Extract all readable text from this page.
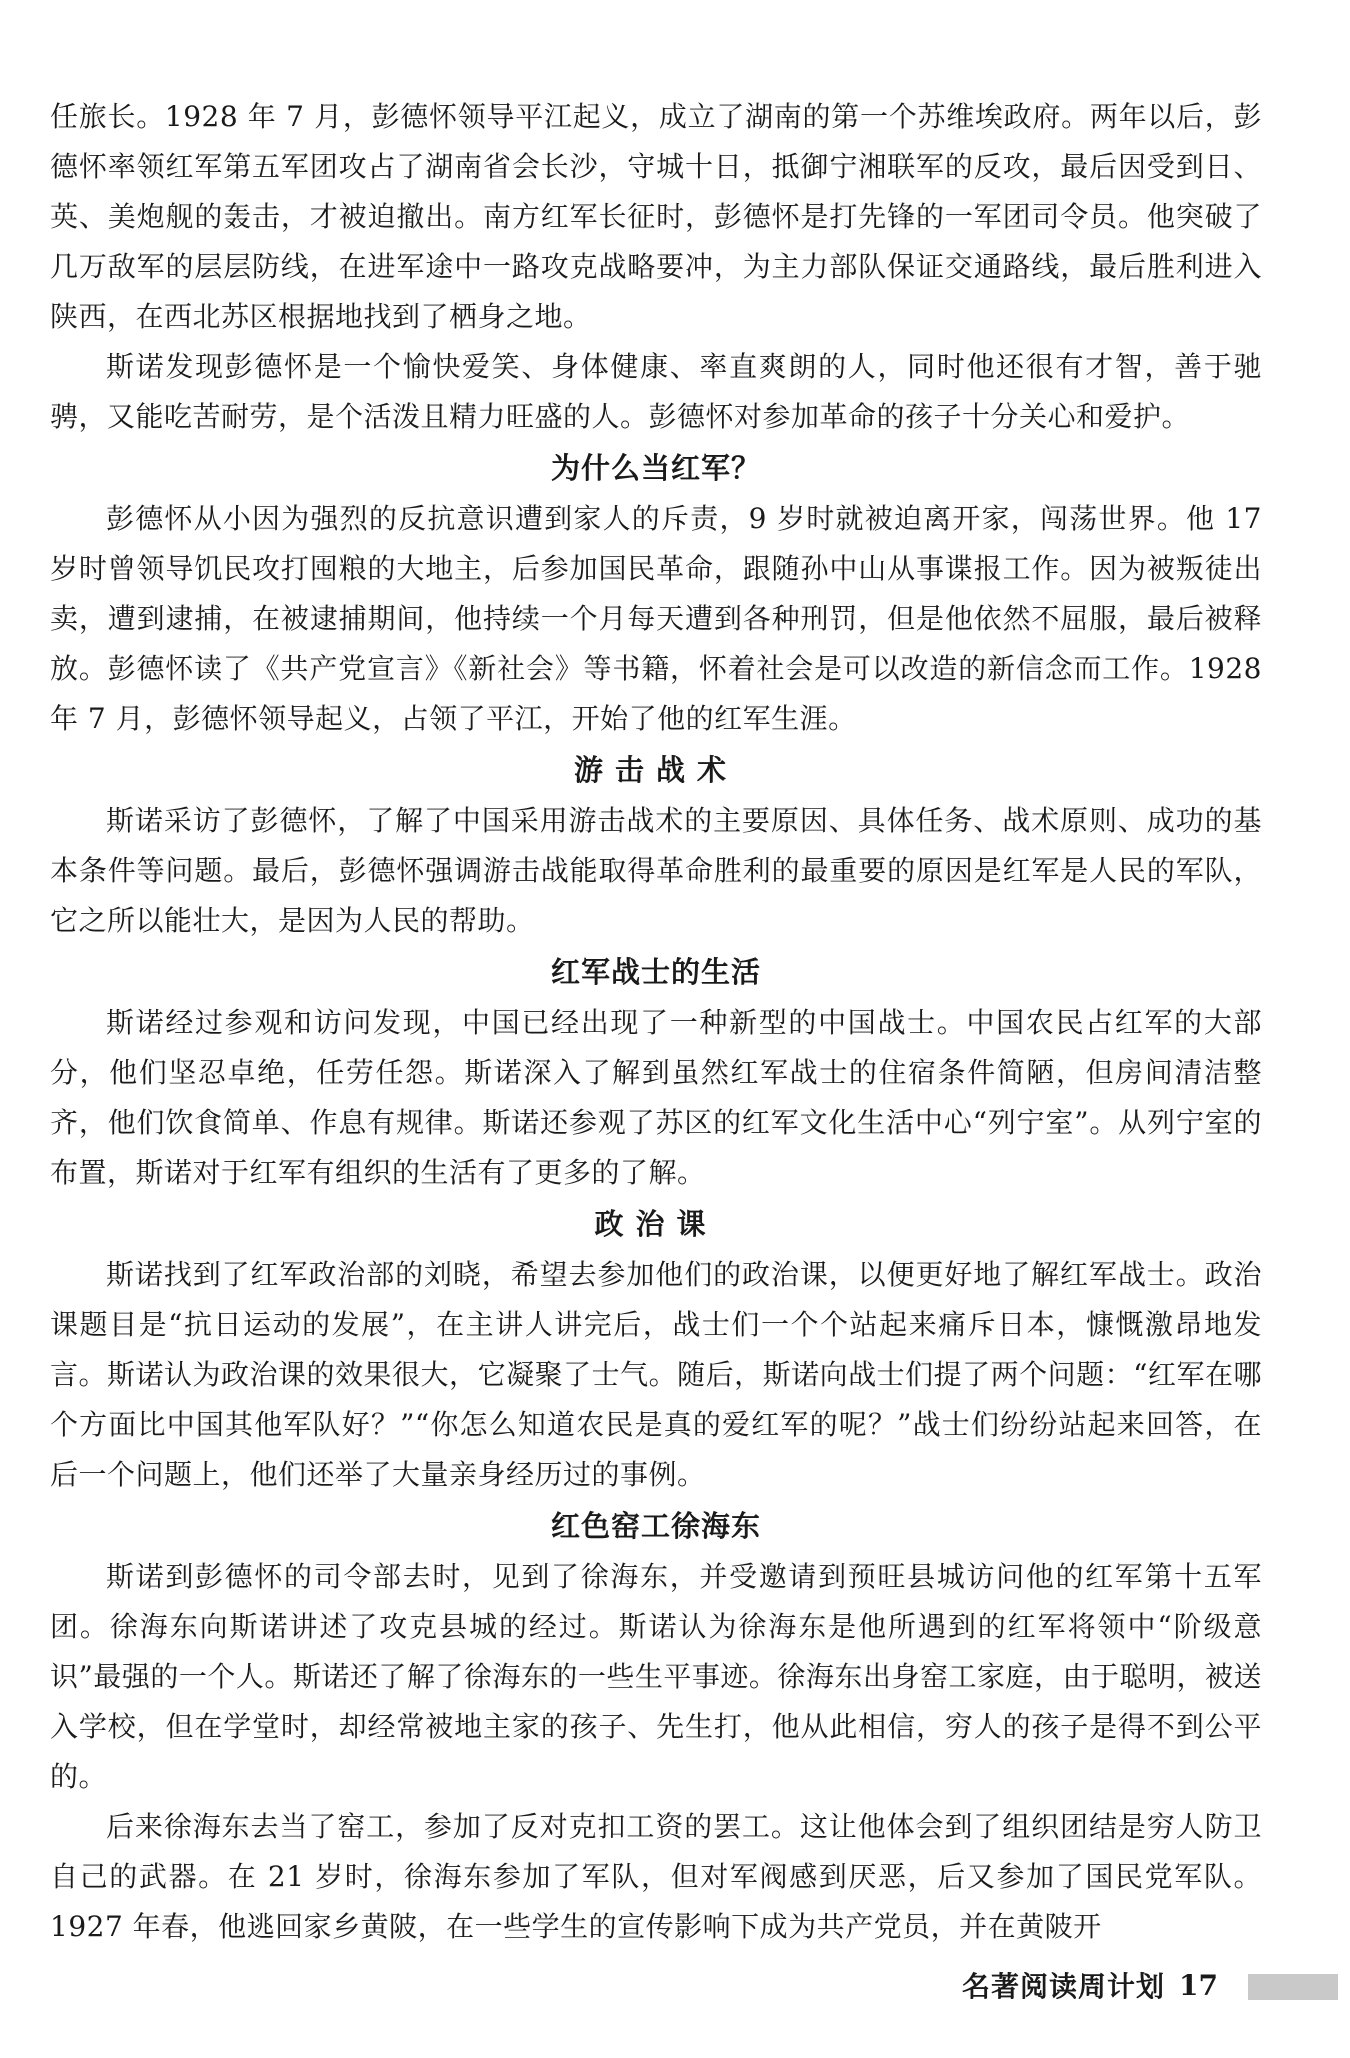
任旅长。1928 年 7 月，彭德怀领导平江起义，成立了湖南的第一个苏维埃政府。两年以后，彭德怀率领红军第五军团攻占了湖南省会长沙，守城十日，抵御宁湘联军的反攻，最后因受到日、英、美炮舰的轰击，才被迫撤出。南方红军长征时，彭德怀是打先锋的一军团司令员。他突破了几万敌军的层层防线，在进军途中一路攻克战略要冲，为主力部队保证交通路线，最后胜利进入陕西，在西北苏区根据地找到了栖身之地。

斯诺发现彭德怀是一个愉快爱笑、身体健康、率直爽朗的人，同时他还很有才智，善于驰骋，又能吃苦耐劳，是个活泼且精力旺盛的人。彭德怀对参加革命的孩子十分关心和爱护。

为什么当红军？

彭德怀从小因为强烈的反抗意识遭到家人的斥责，9 岁时就被迫离开家，闯荡世界。他 17 岁时曾领导饥民攻打囤粮的大地主，后参加国民革命，跟随孙中山从事谍报工作。因为被叛徒出卖，遭到逮捕，在被逮捕期间，他持续一个月每天遭到各种刑罚，但是他依然不屈服，最后被释放。彭德怀读了《共产党宣言》《新社会》等书籍，怀着社会是可以改造的新信念而工作。1928 年 7 月，彭德怀领导起义，占领了平江，开始了他的红军生涯。

游击战术

斯诺采访了彭德怀，了解了中国采用游击战术的主要原因、具体任务、战术原则、成功的基本条件等问题。最后，彭德怀强调游击战能取得革命胜利的最重要的原因是红军是人民的军队，它之所以能壮大，是因为人民的帮助。

红军战士的生活

斯诺经过参观和访问发现，中国已经出现了一种新型的中国战士。中国农民占红军的大部分，他们坚忍卓绝，任劳任怨。斯诺深入了解到虽然红军战士的住宿条件简陋，但房间清洁整齐，他们饮食简单、作息有规律。斯诺还参观了苏区的红军文化生活中心“列宁室”。从列宁室的布置，斯诺对于红军有组织的生活有了更多的了解。

政治课

斯诺找到了红军政治部的刘晓，希望去参加他们的政治课，以便更好地了解红军战士。政治课题目是“抗日运动的发展”，在主讲人讲完后，战士们一个个站起来痛斥日本，慷慨激昂地发言。斯诺认为政治课的效果很大，它凝聚了士气。随后，斯诺向战士们提了两个问题：“红军在哪个方面比中国其他军队好？”“你怎么知道农民是真的爱红军的呢？”战士们纷纷站起来回答，在后一个问题上，他们还举了大量亲身经历过的事例。

红色窑工徐海东

斯诺到彭德怀的司令部去时，见到了徐海东，并受邀请到预旺县城访问他的红军第十五军团。徐海东向斯诺讲述了攻克县城的经过。斯诺认为徐海东是他所遇到的红军将领中“阶级意识”最强的一个人。斯诺还了解了徐海东的一些生平事迹。徐海东出身窑工家庭，由于聪明，被送入学校，但在学堂时，却经常被地主家的孩子、先生打，他从此相信，穷人的孩子是得不到公平的。

后来徐海东去当了窑工，参加了反对克扣工资的罢工。这让他体会到了组织团结是穷人防卫自己的武器。在 21 岁时，徐海东参加了军队，但对军阀感到厌恶，后又参加了国民党军队。1927 年春，他逃回家乡黄陂，在一些学生的宣传影响下成为共产党员，并在黄陂开

名著阅读周计划 17
